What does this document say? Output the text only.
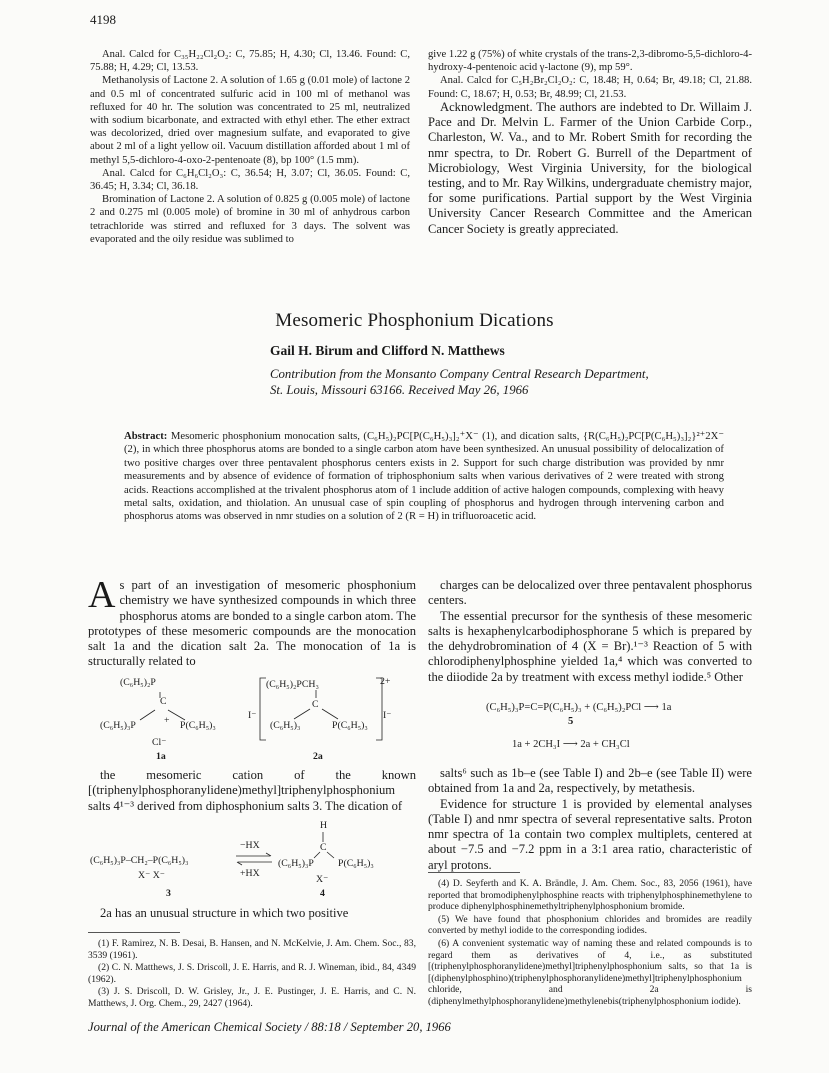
4198

Anal. Calcd for C₃₅H₂₂Cl₂O₂: C, 75.85; H, 4.30; Cl, 13.46. Found: C, 75.88; H, 4.29; Cl, 13.53.

Methanolysis of Lactone 2. A solution of 1.65 g (0.01 mole) of lactone 2 and 0.5 ml of concentrated sulfuric acid in 100 ml of methanol was refluxed for 40 hr. The solution was concentrated to 25 ml, neutralized with sodium bicarbonate, and extracted with ethyl ether. The ether extract was decolorized, dried over magnesium sulfate, and evaporated to give about 2 ml of a light yellow oil. Vacuum distillation afforded about 1 ml of methyl 5,5-dichloro-4-oxo-2-pentenoate (8), bp 100° (1.5 mm).

Anal. Calcd for C₆H₆Cl₂O₃: C, 36.54; H, 3.07; Cl, 36.05. Found: C, 36.45; H, 3.34; Cl, 36.18.

Bromination of Lactone 2. A solution of 0.825 g (0.005 mole) of lactone 2 and 0.275 ml (0.005 mole) of bromine in 30 ml of anhydrous carbon tetrachloride was stirred and refluxed for 3 days. The solvent was evaporated and the oily residue was sublimed to

give 1.22 g (75%) of white crystals of the trans-2,3-dibromo-5,5-dichloro-4-hydroxy-4-pentenoic acid γ-lactone (9), mp 59°.

Anal. Calcd for C₅H₂Br₂Cl₂O₂: C, 18.48; H, 0.64; Br, 49.18; Cl, 21.88. Found: C, 18.67; H, 0.53; Br, 48.99; Cl, 21.53.

Acknowledgment. The authors are indebted to Dr. Willaim J. Pace and Dr. Melvin L. Farmer of the Union Carbide Corp., Charleston, W. Va., and to Mr. Robert Smith for recording the nmr spectra, to Dr. Robert G. Burrell of the Department of Microbiology, West Virginia University, for the biological testing, and to Mr. Ray Wilkins, undergraduate chemistry major, for some purifications. Partial support by the West Virginia University Cancer Research Committee and the American Cancer Society is greatly appreciated.

Mesomeric Phosphonium Dications
Gail H. Birum and Clifford N. Matthews
Contribution from the Monsanto Company Central Research Department,
St. Louis, Missouri 63166. Received May 26, 1966
Abstract: Mesomeric phosphonium monocation salts, (C₆H₅)₂PC[P(C₆H₅)₃]₂⁺X⁻ (1), and dication salts, {R(C₆H₅)₂PC[P(C₆H₅)₃]₂}²⁺2X⁻ (2), in which three phosphorus atoms are bonded to a single carbon atom have been synthesized. An unusual possibility of delocalization of two positive charges over three pentavalent phosphorus centers exists in 2. Support for such charge distribution was provided by nmr measurements and by absence of evidence of formation of triphosphonium salts when various derivatives of 2 were treated with strong acids. Reactions accomplished at the trivalent phosphorus atom of 1 include addition of active halogen compounds, complexing with heavy metal salts, oxidation, and thiolation. An unusual case of spin coupling of phosphorus and hydrogen through intervening carbon and phosphorus atoms was observed in nmr studies on a solution of 2 (R = H) in trifluoroacetic acid.
As part of an investigation of mesomeric phosphonium chemistry we have synthesized compounds in which three phosphorus atoms are bonded to a single carbon atom. The prototypes of these mesomeric compounds are the monocation salt 1a and the dication salt 2a. The monocation of 1a is structurally related to
(C₆H₅)₂P
C
(C₆H₅)₃P	+ P(C₆H₅)₃
Cl⁻
1a
I⁻
(C₆H₅)₂PCH₃
C
(C₆H₅)₃	P(C₆H₅)₃
2+
I⁻
2a

the mesomeric cation of the known [(triphenylphosphoranylidene)methyl]triphenylphosphonium salts 4¹⁻³ derived from diphosphonium salts 3. The dication of

(C₆H₅)₃P–CH₂–P(C₆H₅)₃
X⁻ X⁻
3
−HX
+HX
H
C
(C₆H₅)₃P P(C₆H₅)₃
X⁻
4

2a has an unusual structure in which two positive

(1) F. Ramirez, N. B. Desai, B. Hansen, and N. McKelvie, J. Am. Chem. Soc., 83, 3539 (1961).

(2) C. N. Matthews, J. S. Driscoll, J. E. Harris, and R. J. Wineman, ibid., 84, 4349 (1962).

(3) J. S. Driscoll, D. W. Grisley, Jr., J. E. Pustinger, J. E. Harris, and C. N. Matthews, J. Org. Chem., 29, 2427 (1964).

charges can be delocalized over three pentavalent phosphorus centers.

The essential precursor for the synthesis of these mesomeric salts is hexaphenylcarbodiphosphorane 5 which is prepared by the dehydrobromination of 4 (X = Br).¹⁻³ Reaction of 5 with chlorodiphenylphosphine yielded 1a,⁴ which was converted to the diiodide 2a by treatment with excess methyl iodide.⁵ Other

(C₆H₅)₃P=C=P(C₆H₅)₃ + (C₆H₅)₂PCl ⟶ 1a
5
1a + 2CH₃I ⟶ 2a + CH₃Cl

salts⁶ such as 1b–e (see Table I) and 2b–e (see Table II) were obtained from 1a and 2a, respectively, by metathesis.

Evidence for structure 1 is provided by elemental analyses (Table I) and nmr spectra of several representative salts. Proton nmr spectra of 1a contain two complex multiplets, centered at about −7.5 and −7.2 ppm in a 3:1 area ratio, characteristic of aryl protons.

(4) D. Seyferth and K. A. Brändle, J. Am. Chem. Soc., 83, 2056 (1961), have reported that bromodiphenylphosphine reacts with triphenylphosphinemethylene to produce diphenylphosphinemethyltriphenylphosphonium bromide.

(5) We have found that phosphonium chlorides and bromides are readily converted by methyl iodide to the corresponding iodides.

(6) A convenient systematic way of naming these and related compounds is to regard them as derivatives of 4, i.e., as substituted [(triphenylphosphoranylidene)methyl]triphenylphosphonium salts, so that 1a is [(diphenylphosphino)(triphenylphosphoranylidene)methyl]triphenylphosphonium chloride, and 2a is (diphenylmethylphosphoranylidene)methylenebis(triphenylphosphonium iodide).

Journal of the American Chemical Society / 88:18 / September 20, 1966
